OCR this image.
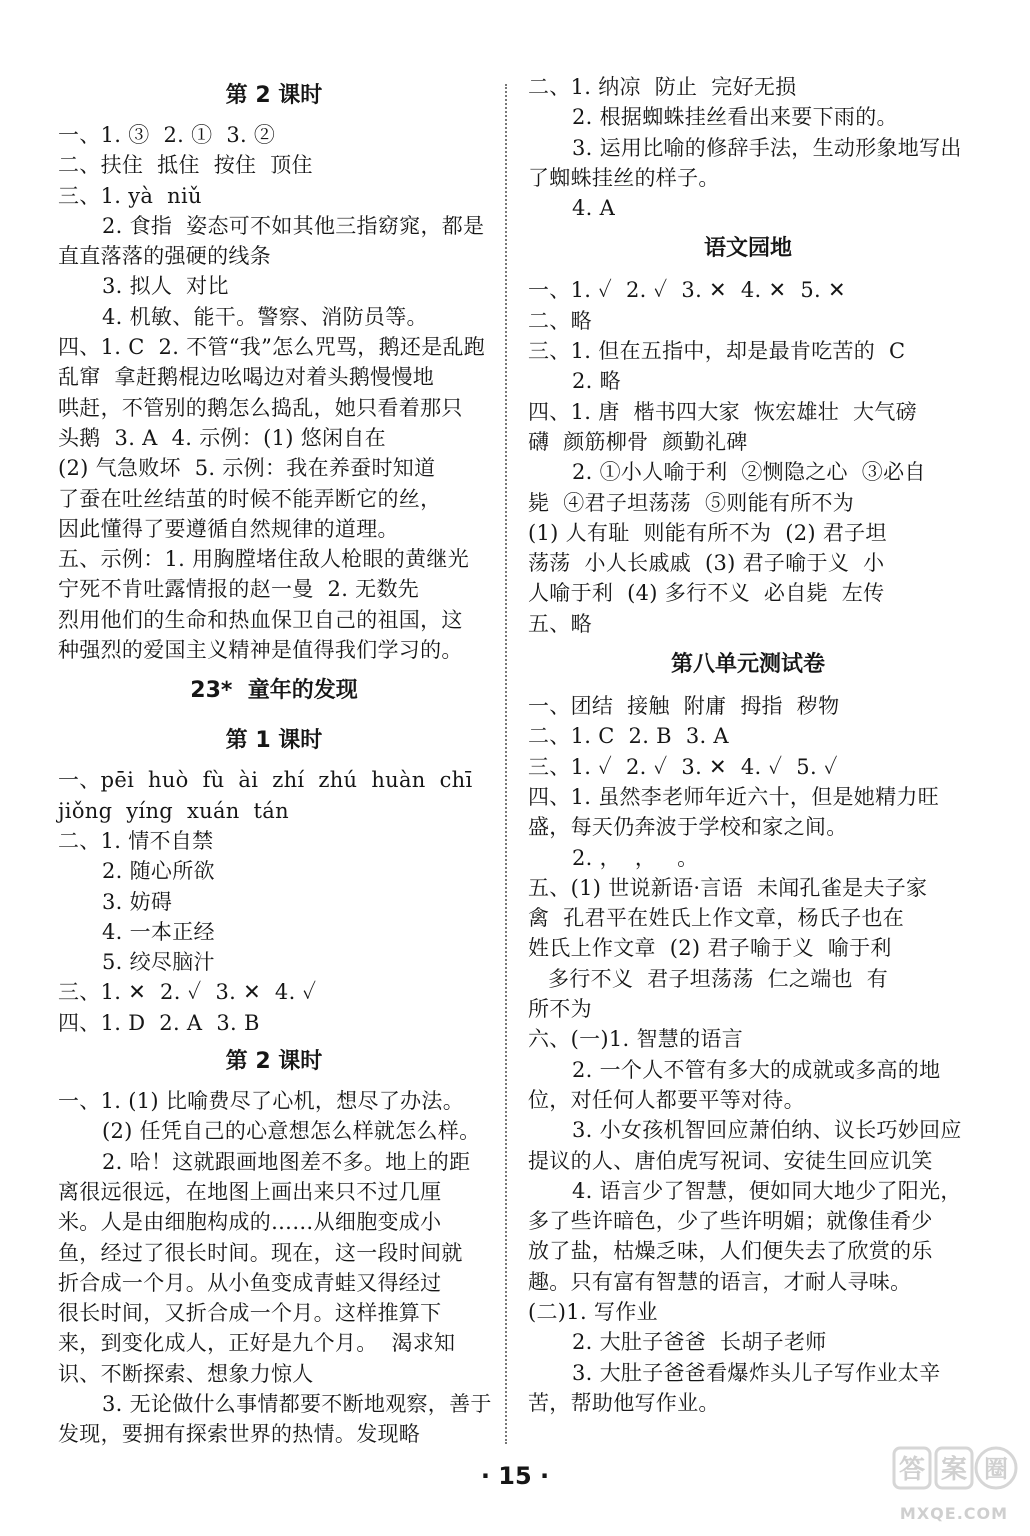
第 2 课时
一、1. ③  2. ①  3. ②
二、扶住  抵住  按住  顶住
三、1. yà  niǔ
2. 食指  姿态可不如其他三指窈窕，都是
直直落落的强硬的线条
3. 拟人  对比
4. 机敏、能干。警察、消防员等。
四、1. C  2. 不管“我”怎么咒骂，鹅还是乱跑
乱窜  拿赶鹅棍边吆喝边对着头鹅慢慢地
哄赶，不管别的鹅怎么捣乱，她只看着那只
头鹅  3. A  4. 示例：(1) 悠闲自在
(2) 气急败坏  5. 示例：我在养蚕时知道
了蚕在吐丝结茧的时候不能弄断它的丝，
因此懂得了要遵循自然规律的道理。
五、示例：1. 用胸膛堵住敌人枪眼的黄继光
宁死不肯吐露情报的赵一曼  2. 无数先
烈用他们的生命和热血保卫自己的祖国，这
种强烈的爱国主义精神是值得我们学习的。
23*  童年的发现
第 1 课时
一、pēi  huò  fù  ài  zhí  zhú  huàn  chī
jiǒng  yíng  xuán  tán
二、1. 情不自禁
2. 随心所欲
3. 妨碍
4. 一本正经
5. 绞尽脑汁
三、1. ✕  2. ✓  3. ✕  4. ✓
四、1. D  2. A  3. B
第 2 课时
一、1. (1) 比喻费尽了心机，想尽了办法。
(2) 任凭自己的心意想怎么样就怎么样。
2. 哈！这就跟画地图差不多。地上的距
离很远很远，在地图上画出来只不过几厘
米。人是由细胞构成的……从细胞变成小
鱼，经过了很长时间。现在，这一段时间就
折合成一个月。从小鱼变成青蛙又得经过
很长时间，又折合成一个月。这样推算下
来，到变化成人，正好是九个月。  渴求知
识、不断探索、想象力惊人
3. 无论做什么事情都要不断地观察，善于
发现，要拥有探索世界的热情。发现略
二、1. 纳凉  防止  完好无损
2. 根据蜘蛛挂丝看出来要下雨的。
3. 运用比喻的修辞手法，生动形象地写出
了蜘蛛挂丝的样子。
4. A
语文园地
一、1. ✓  2. ✓  3. ✕  4. ✕  5. ✕
二、略
三、1. 但在五指中，却是最肯吃苦的  C
2. 略
四、1. 唐  楷书四大家  恢宏雄壮  大气磅
礴  颜筋柳骨  颜勤礼碑
2. ①小人喻于利  ②恻隐之心  ③必自
毙  ④君子坦荡荡  ⑤则能有所不为
(1) 人有耻  则能有所不为  (2) 君子坦
荡荡  小人长戚戚  (3) 君子喻于义  小
人喻于利  (4) 多行不义  必自毙  左传
五、略
第八单元测试卷
一、团结  接触  附庸  拇指  秽物
二、1. C  2. B  3. A
三、1. ✓  2. ✓  3. ✕  4. ✓  5. ✓
四、1. 虽然李老师年近六十，但是她精力旺
盛，每天仍奔波于学校和家之间。
2. ，  ，   。
五、(1) 世说新语·言语  未闻孔雀是夫子家
禽  孔君平在姓氏上作文章，杨氏子也在
姓氏上作文章  (2) 君子喻于义  喻于利
多行不义  君子坦荡荡  仁之端也  有
所不为
六、(一)1. 智慧的语言
2. 一个人不管有多大的成就或多高的地
位，对任何人都要平等对待。
3. 小女孩机智回应萧伯纳、议长巧妙回应
提议的人、唐伯虎写祝词、安徒生回应讥笑
4. 语言少了智慧，便如同大地少了阳光，
多了些许暗色，少了些许明媚；就像佳肴少
放了盐，枯燥乏味，人们便失去了欣赏的乐
趣。只有富有智慧的语言，才耐人寻味。
(二)1. 写作业
2. 大肚子爸爸  长胡子老师
3. 大肚子爸爸看爆炸头儿子写作业太辛
苦，帮助他写作业。
· 15 ·	答 案 圈
MXQE.COM
